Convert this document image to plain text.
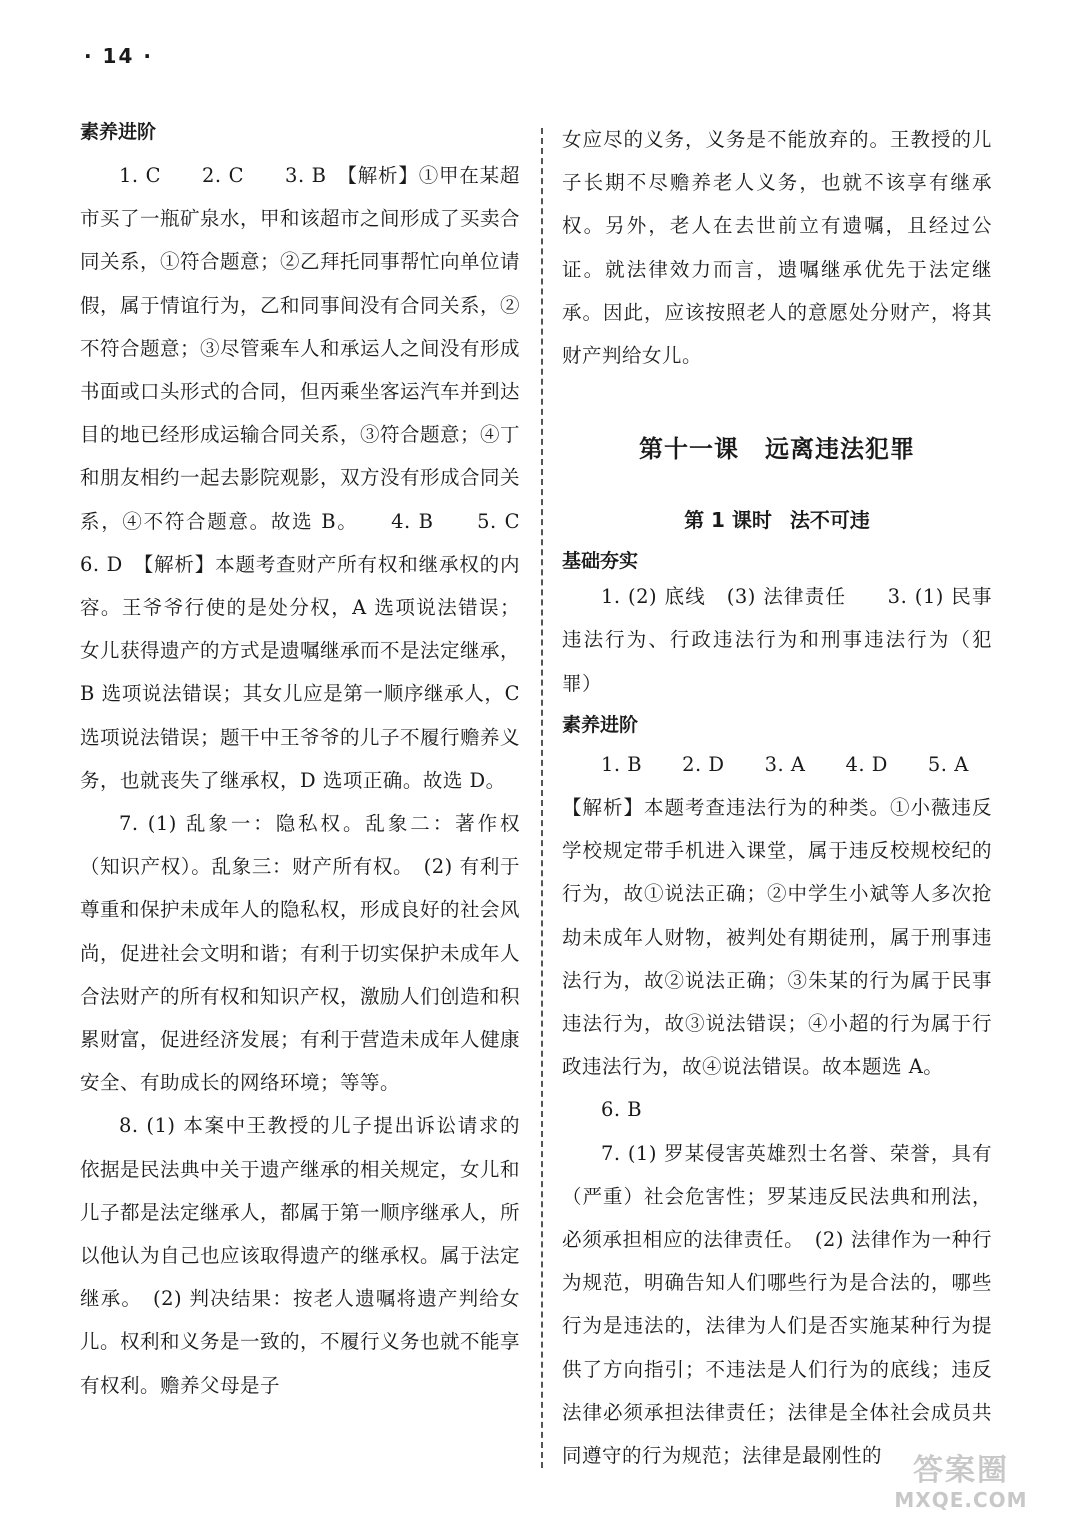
· 14 ·
素养进阶

1. C　　2. C　　3. B　【解析】①甲在某超市买了一瓶矿泉水，甲和该超市之间形成了买卖合同关系，①符合题意；②乙拜托同事帮忙向单位请假，属于情谊行为，乙和同事间没有合同关系，②不符合题意；③尽管乘车人和承运人之间没有形成书面或口头形式的合同，但丙乘坐客运汽车并到达目的地已经形成运输合同关系，③符合题意；④丁和朋友相约一起去影院观影，双方没有形成合同关系，④不符合题意。故选 B。　　4. B　　5. C　　6. D　【解析】本题考查财产所有权和继承权的内容。王爷爷行使的是处分权，A 选项说法错误；女儿获得遗产的方式是遗嘱继承而不是法定继承，B 选项说法错误；其女儿应是第一顺序继承人，C 选项说法错误；题干中王爷爷的儿子不履行赡养义务，也就丧失了继承权，D 选项正确。故选 D。

7. (1) 乱象一：隐私权。乱象二：著作权（知识产权）。乱象三：财产所有权。　(2) 有利于尊重和保护未成年人的隐私权，形成良好的社会风尚，促进社会文明和谐；有利于切实保护未成年人合法财产的所有权和知识产权，激励人们创造和积累财富，促进经济发展；有利于营造未成年人健康安全、有助成长的网络环境；等等。

8. (1) 本案中王教授的儿子提出诉讼请求的依据是民法典中关于遗产继承的相关规定，女儿和儿子都是法定继承人，都属于第一顺序继承人，所以他认为自己也应该取得遗产的继承权。属于法定继承。　(2) 判决结果：按老人遗嘱将遗产判给女儿。权利和义务是一致的，不履行义务也就不能享有权利。赡养父母是子

女应尽的义务，义务是不能放弃的。王教授的儿子长期不尽赡养老人义务，也就不该享有继承权。另外，老人在去世前立有遗嘱，且经过公证。就法律效力而言，遗嘱继承优先于法定继承。因此，应该按照老人的意愿处分财产，将其财产判给女儿。

第十一课 远离违法犯罪
第 1 课时 法不可违
基础夯实

1. (2) 底线　(3) 法律责任　　3. (1) 民事违法行为、行政违法行为和刑事违法行为（犯罪）

素养进阶

1. B　　2. D　　3. A　　4. D　　5. A

【解析】本题考查违法行为的种类。①小薇违反学校规定带手机进入课堂，属于违反校规校纪的行为，故①说法正确；②中学生小斌等人多次抢劫未成年人财物，被判处有期徒刑，属于刑事违法行为，故②说法正确；③朱某的行为属于民事违法行为，故③说法错误；④小超的行为属于行政违法行为，故④说法错误。故本题选 A。

6. B

7. (1) 罗某侵害英雄烈士名誉、荣誉，具有（严重）社会危害性；罗某违反民法典和刑法，必须承担相应的法律责任。　(2) 法律作为一种行为规范，明确告知人们哪些行为是合法的，哪些行为是违法的，法律为人们是否实施某种行为提供了方向指引；不违法是人们行为的底线；违反法律必须承担法律责任；法律是全体社会成员共同遵守的行为规范；法律是最刚性的	答案圈
MXQE.COM
